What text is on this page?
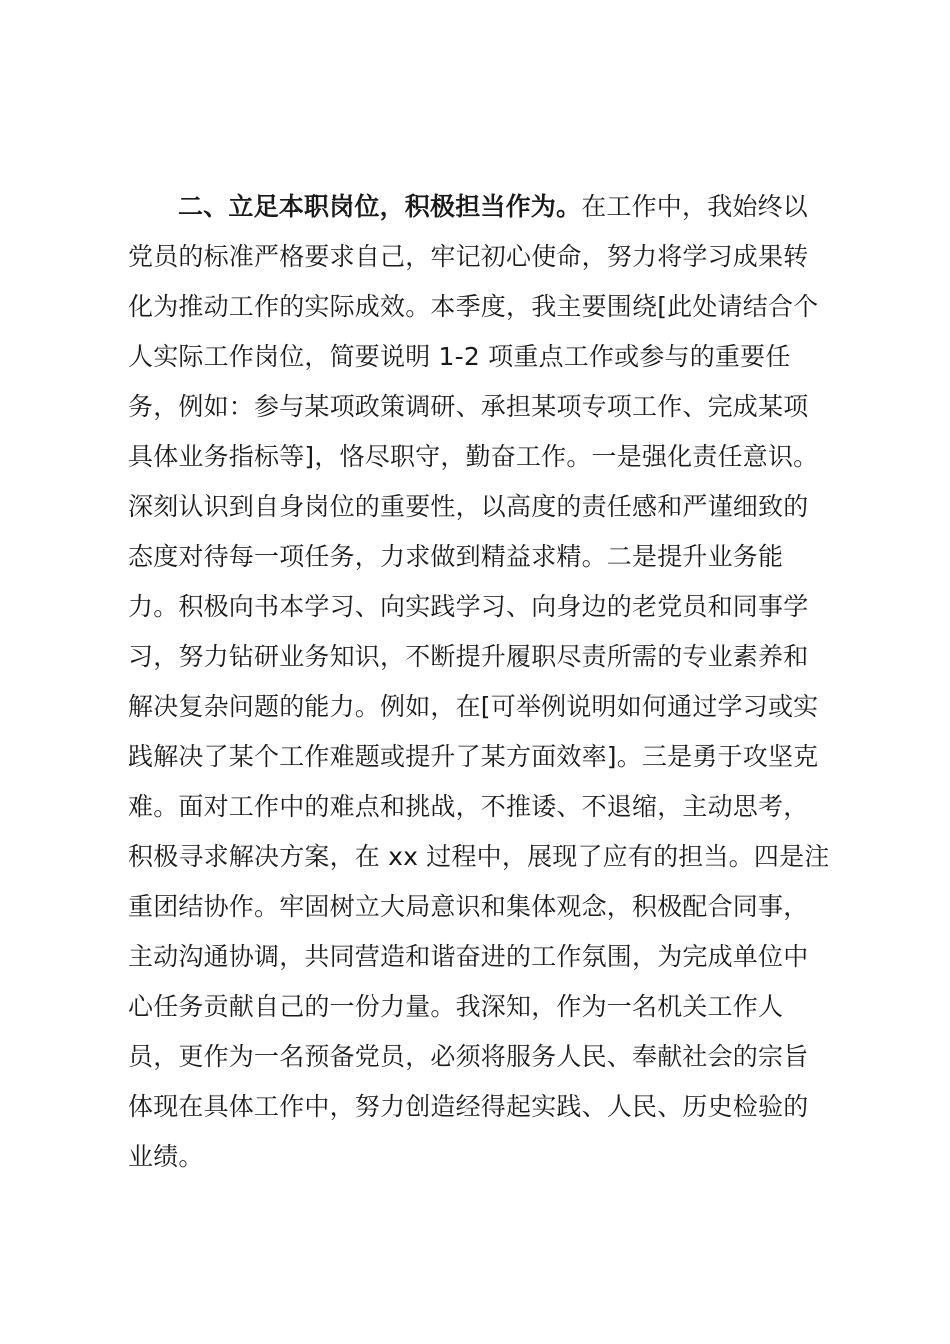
二、立足本职岗位，积极担当作为。在工作中，我始终以
党员的标准严格要求自己，牢记初心使命，努力将学习成果转
化为推动工作的实际成效。本季度，我主要围绕[此处请结合个
人实际工作岗位，简要说明 1-2 项重点工作或参与的重要任
务，例如：参与某项政策调研、承担某项专项工作、完成某项
具体业务指标等]，恪尽职守，勤奋工作。一是强化责任意识。
深刻认识到自身岗位的重要性，以高度的责任感和严谨细致的
态度对待每一项任务，力求做到精益求精。二是提升业务能
力。积极向书本学习、向实践学习、向身边的老党员和同事学
习，努力钻研业务知识，不断提升履职尽责所需的专业素养和
解决复杂问题的能力。例如，在[可举例说明如何通过学习或实
践解决了某个工作难题或提升了某方面效率]。三是勇于攻坚克
难。面对工作中的难点和挑战，不推诿、不退缩，主动思考，
积极寻求解决方案，在 xx 过程中，展现了应有的担当。四是注
重团结协作。牢固树立大局意识和集体观念，积极配合同事，
主动沟通协调，共同营造和谐奋进的工作氛围，为完成单位中
心任务贡献自己的一份力量。我深知，作为一名机关工作人
员，更作为一名预备党员，必须将服务人民、奉献社会的宗旨
体现在具体工作中，努力创造经得起实践、人民、历史检验的
业绩。
